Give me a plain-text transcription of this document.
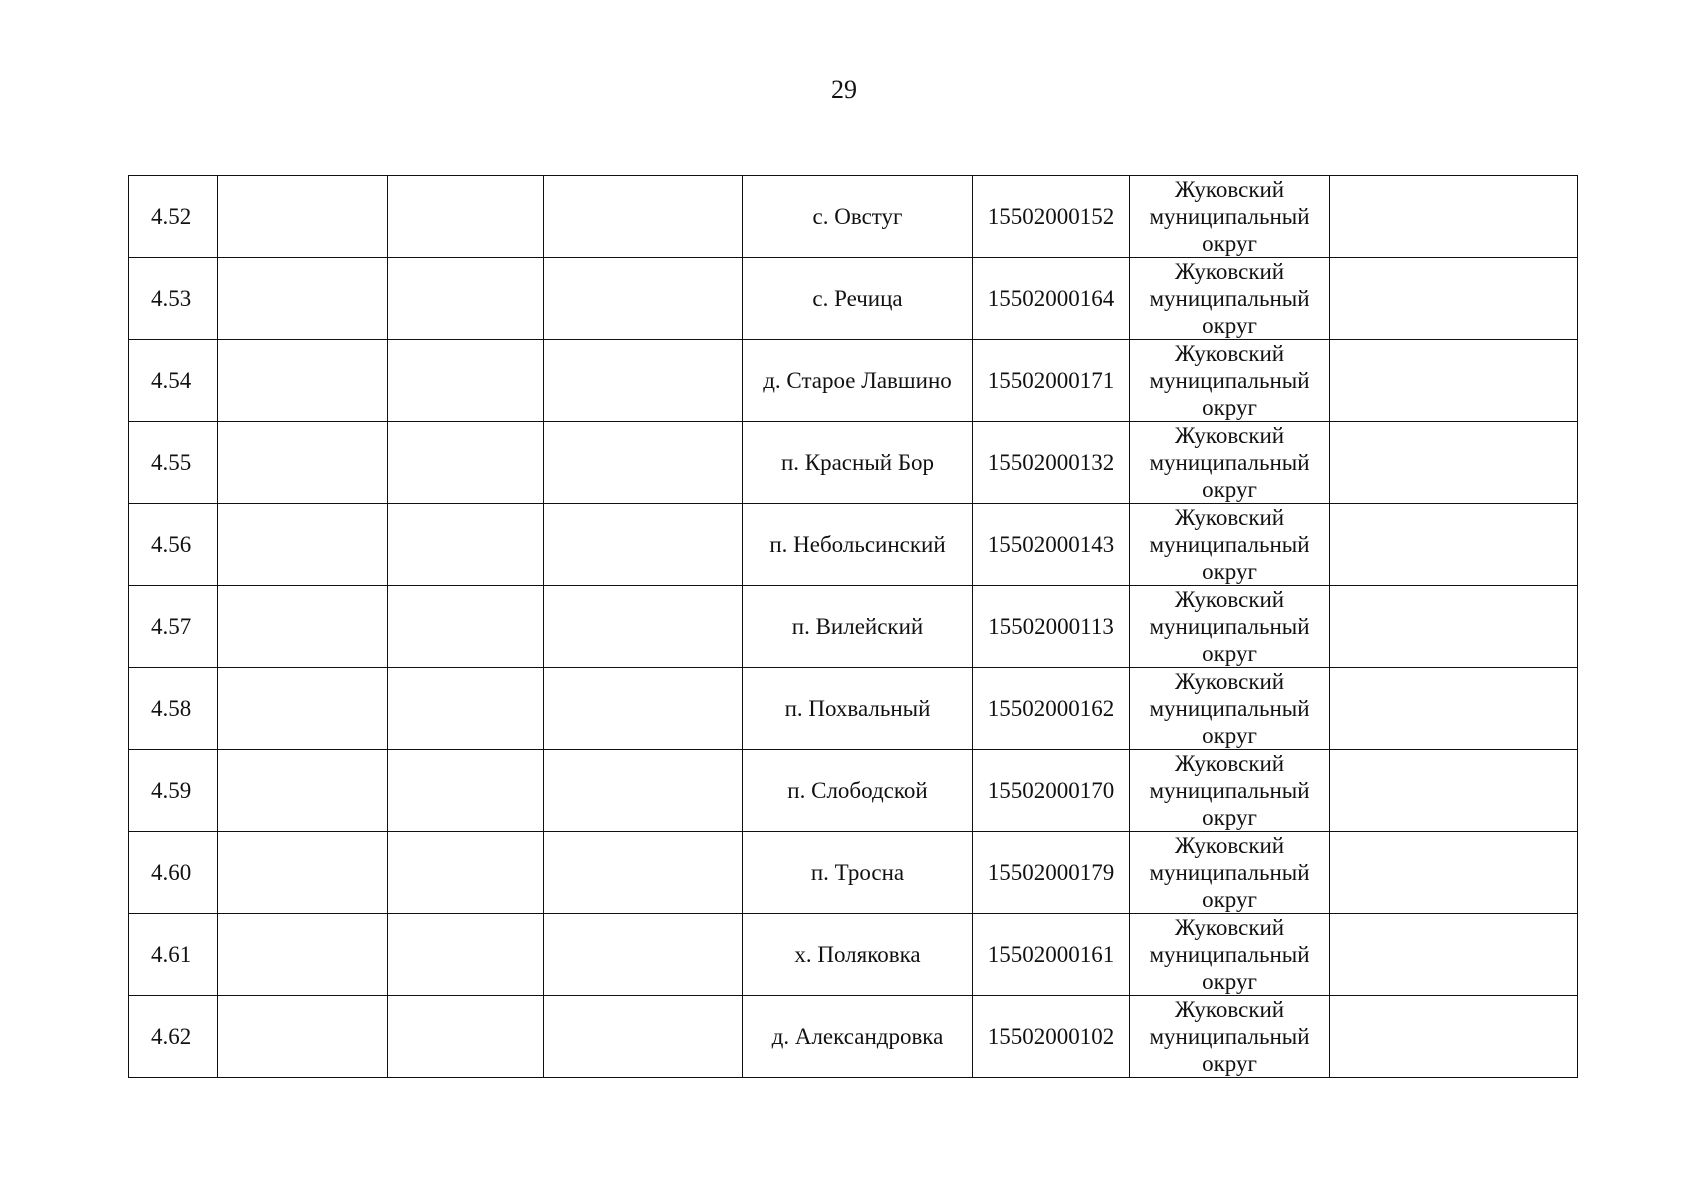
29
4.52				с. Овстуг	15502000152	Жуковский
муниципальный
округ	

4.53				с. Речица	15502000164	Жуковский
муниципальный
округ	

4.54				д. Старое Лавшино	15502000171	Жуковский
муниципальный
округ	

4.55				п. Красный Бор	15502000132	Жуковский
муниципальный
округ	

4.56				п. Небольсинский	15502000143	Жуковский
муниципальный
округ	

4.57				п. Вилейский	15502000113	Жуковский
муниципальный
округ	

4.58				п. Похвальный	15502000162	Жуковский
муниципальный
округ	

4.59				п. Слободской	15502000170	Жуковский
муниципальный
округ	

4.60				п. Тросна	15502000179	Жуковский
муниципальный
округ	

4.61				х. Поляковка	15502000161	Жуковский
муниципальный
округ	

4.62				д. Александровка	15502000102	Жуковский
муниципальный
округ	
